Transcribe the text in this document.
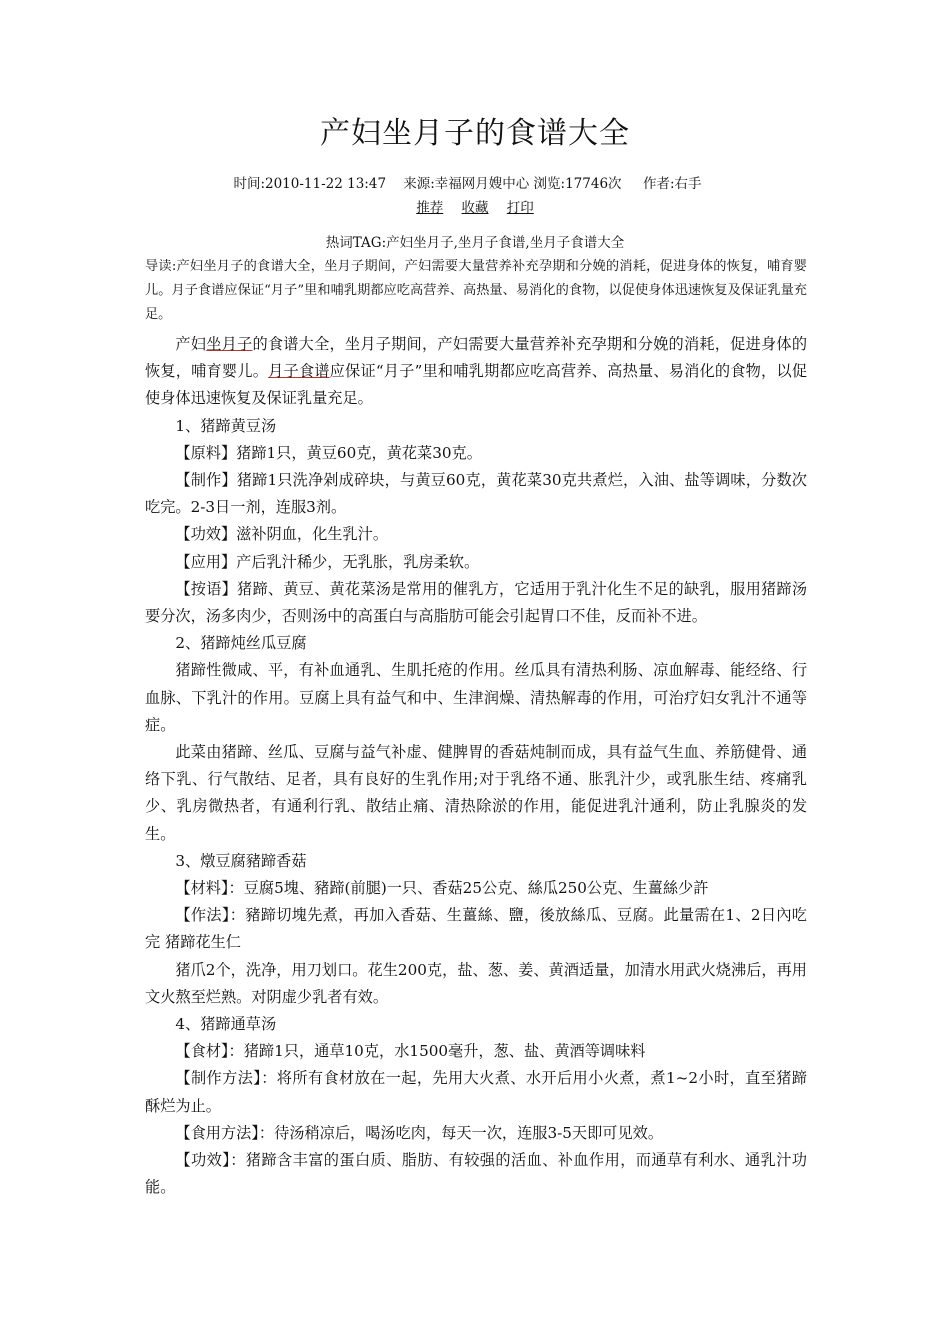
产妇坐月子的食谱大全
时间:2010-11-22 13:47    来源:幸福网月嫂中心 浏览:17746次     作者:右手
推荐 收藏 打印
热词TAG:产妇坐月子,坐月子食谱,坐月子食谱大全
导读:产妇坐月子的食谱大全，坐月子期间，产妇需要大量营养补充孕期和分娩的消耗，促进身体的恢复，哺育婴儿。月子食谱应保证“月子”里和哺乳期都应吃高营养、高热量、易消化的食物，以促使身体迅速恢复及保证乳量充足。

产妇坐月子的食谱大全，坐月子期间，产妇需要大量营养补充孕期和分娩的消耗，促进身体的恢复，哺育婴儿。月子食谱应保证“月子”里和哺乳期都应吃高营养、高热量、易消化的食物，以促使身体迅速恢复及保证乳量充足。

1、猪蹄黄豆汤

【原料】猪蹄1只，黄豆60克，黄花菜30克。

【制作】猪蹄1只洗净剁成碎块，与黄豆60克，黄花菜30克共煮烂，入油、盐等调味，分数次吃完。2-3日一剂，连服3剂。

【功效】滋补阴血，化生乳汁。

【应用】产后乳汁稀少，无乳胀，乳房柔软。

【按语】猪蹄、黄豆、黄花菜汤是常用的催乳方，它适用于乳汁化生不足的缺乳，服用猪蹄汤要分次，汤多肉少，否则汤中的高蛋白与高脂肪可能会引起胃口不佳，反而补不进。

2、猪蹄炖丝瓜豆腐

猪蹄性微咸、平，有补血通乳、生肌托疮的作用。丝瓜具有清热利肠、凉血解毒、能经络、行血脉、下乳汁的作用。豆腐上具有益气和中、生津润燥、清热解毒的作用，可治疗妇女乳汁不通等症。

此菜由猪蹄、丝瓜、豆腐与益气补虚、健脾胃的香菇炖制而成，具有益气生血、养筋健骨、通络下乳、行气散结、足者，具有良好的生乳作用;对于乳络不通、胀乳汁少，或乳胀生结、疼痛乳少、乳房微热者，有通利行乳、散结止痛、清热除淤的作用，能促进乳汁通利，防止乳腺炎的发生。

3、燉豆腐豬蹄香菇

【材料】：豆腐5塊、豬蹄(前腿)一只、香菇25公克、絲瓜250公克、生薑絲少許

【作法】：豬蹄切塊先煮，再加入香菇、生薑絲、鹽，後放絲瓜、豆腐。此量需在1、2日內吃完 猪蹄花生仁

猪爪2个，洗净，用刀划口。花生200克，盐、葱、姜、黄酒适量，加清水用武火烧沸后，再用文火熬至烂熟。对阴虚少乳者有效。

4、猪蹄通草汤

【食材】：猪蹄1只，通草10克，水1500毫升，葱、盐、黄酒等调味料

【制作方法】：将所有食材放在一起，先用大火煮、水开后用小火煮，煮1~2小时，直至猪蹄酥烂为止。

【食用方法】：待汤稍凉后，喝汤吃肉，每天一次，连服3-5天即可见效。

【功效】：猪蹄含丰富的蛋白质、脂肪、有较强的活血、补血作用，而通草有利水、通乳汁功能。
